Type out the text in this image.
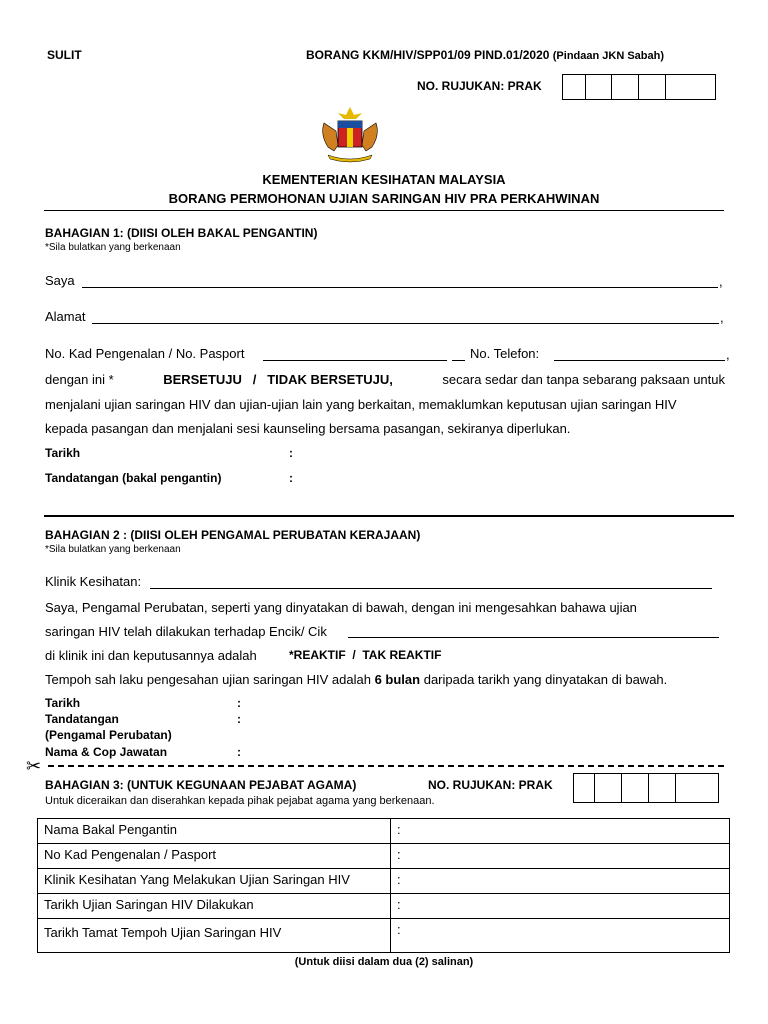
SULIT	BORANG KKM/HIV/SPP01/09 PIND.01/2020 (Pindaan JKN Sabah)
NO. RUJUKAN: PRAK
KEMENTERIAN KESIHATAN MALAYSIA
BORANG PERMOHONAN UJIAN SARINGAN HIV PRA PERKAHWINAN
BAHAGIAN 1: (DIISI OLEH BAKAL PENGANTIN)
*Sila bulatkan yang berkenaan
Saya	,
Alamat	,
No. Kad Pengenalan / No. Pasport	No. Telefon:	,
dengan ini *	BERSETUJU   /   TIDAK BERSETUJU,	secara sedar dan tanpa sebarang paksaan untuk
menjalani ujian saringan HIV dan ujian-ujian lain yang berkaitan, memaklumkan keputusan ujian saringan HIV
kepada pasangan dan menjalani sesi kaunseling bersama pasangan, sekiranya diperlukan.
Tarikh	:
Tandatangan (bakal pengantin)	:
BAHAGIAN 2 : (DIISI OLEH PENGAMAL PERUBATAN KERAJAAN)
*Sila bulatkan yang berkenaan
Klinik Kesihatan:
Saya, Pengamal Perubatan, seperti yang dinyatakan di bawah, dengan ini mengesahkan bahawa ujian
saringan HIV telah dilakukan terhadap Encik/ Cik
di klinik ini dan keputusannya adalah	*REAKTIF  /  TAK REAKTIF
Tempoh sah laku pengesahan ujian saringan HIV adalah 6 bulan daripada tarikh yang dinyatakan di bawah.
Tarikh	:
Tandatangan	:
(Pengamal Perubatan)
Nama & Cop Jawatan	:
✂
BAHAGIAN 3: (UNTUK KEGUNAAN PEJABAT AGAMA)	NO. RUJUKAN: PRAK
Untuk diceraikan dan diserahkan kepada pihak pejabat agama yang berkenaan.
Nama Bakal Pengantin	:
No Kad Pengenalan / Pasport	:
Klinik Kesihatan Yang Melakukan Ujian Saringan HIV	:
Tarikh Ujian Saringan HIV Dilakukan	:
Tarikh Tamat Tempoh Ujian Saringan HIV	:
(Untuk diisi dalam dua (2) salinan)
